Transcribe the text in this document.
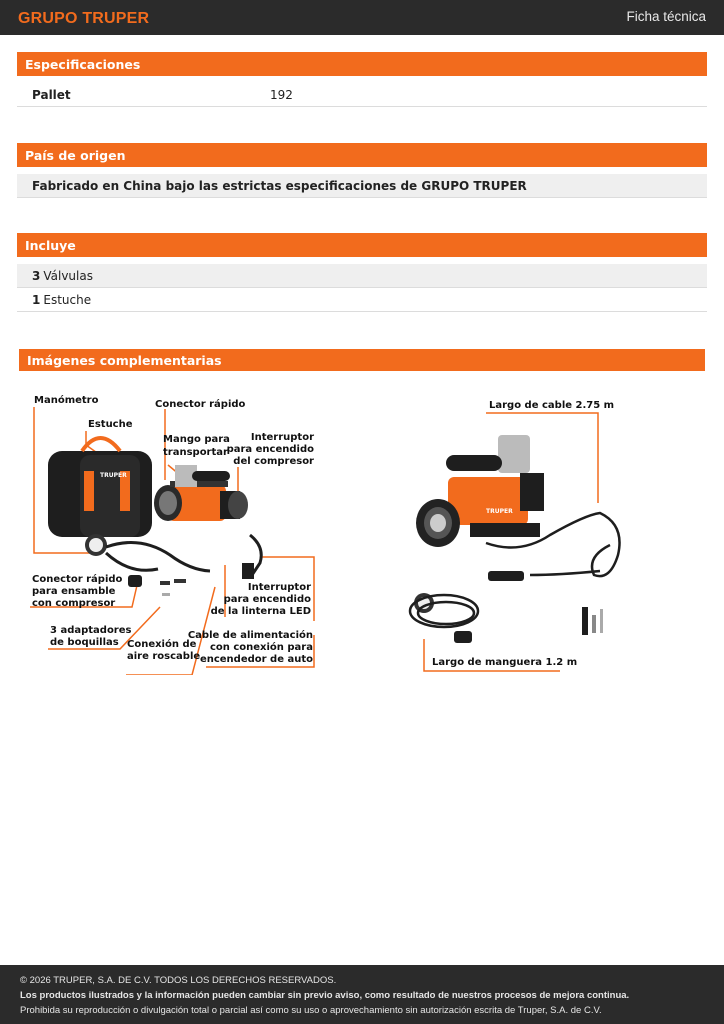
GRUPO TRUPER	Ficha técnica
Especificaciones
Pallet	192
País de origen
Fabricado en China bajo las estrictas especificaciones de GRUPO TRUPER
Incluye
3 Válvulas
1 Estuche
Imágenes complementarias
TRUPER
Manómetro
Estuche
Conector rápido
Mango para
transportar
Interruptor
para encendido
del compresor
Conector rápido
para ensamble
con compresor
Interruptor
para encendido
de la linterna LED
3 adaptadores
de boquillas Conexión de
aire roscable
Cable de alimentación
con conexión para
encendedor de auto
TRUPER
Largo de cable 2.75 m
Largo de manguera 1.2 m
© 2026 TRUPER, S.A. DE C.V. TODOS LOS DERECHOS RESERVADOS.
Los productos ilustrados y la información pueden cambiar sin previo aviso, como resultado de nuestros procesos de mejora continua.
Prohibida su reproducción o divulgación total o parcial así como su uso o aprovechamiento sin autorización escrita de Truper, S.A. de C.V.
